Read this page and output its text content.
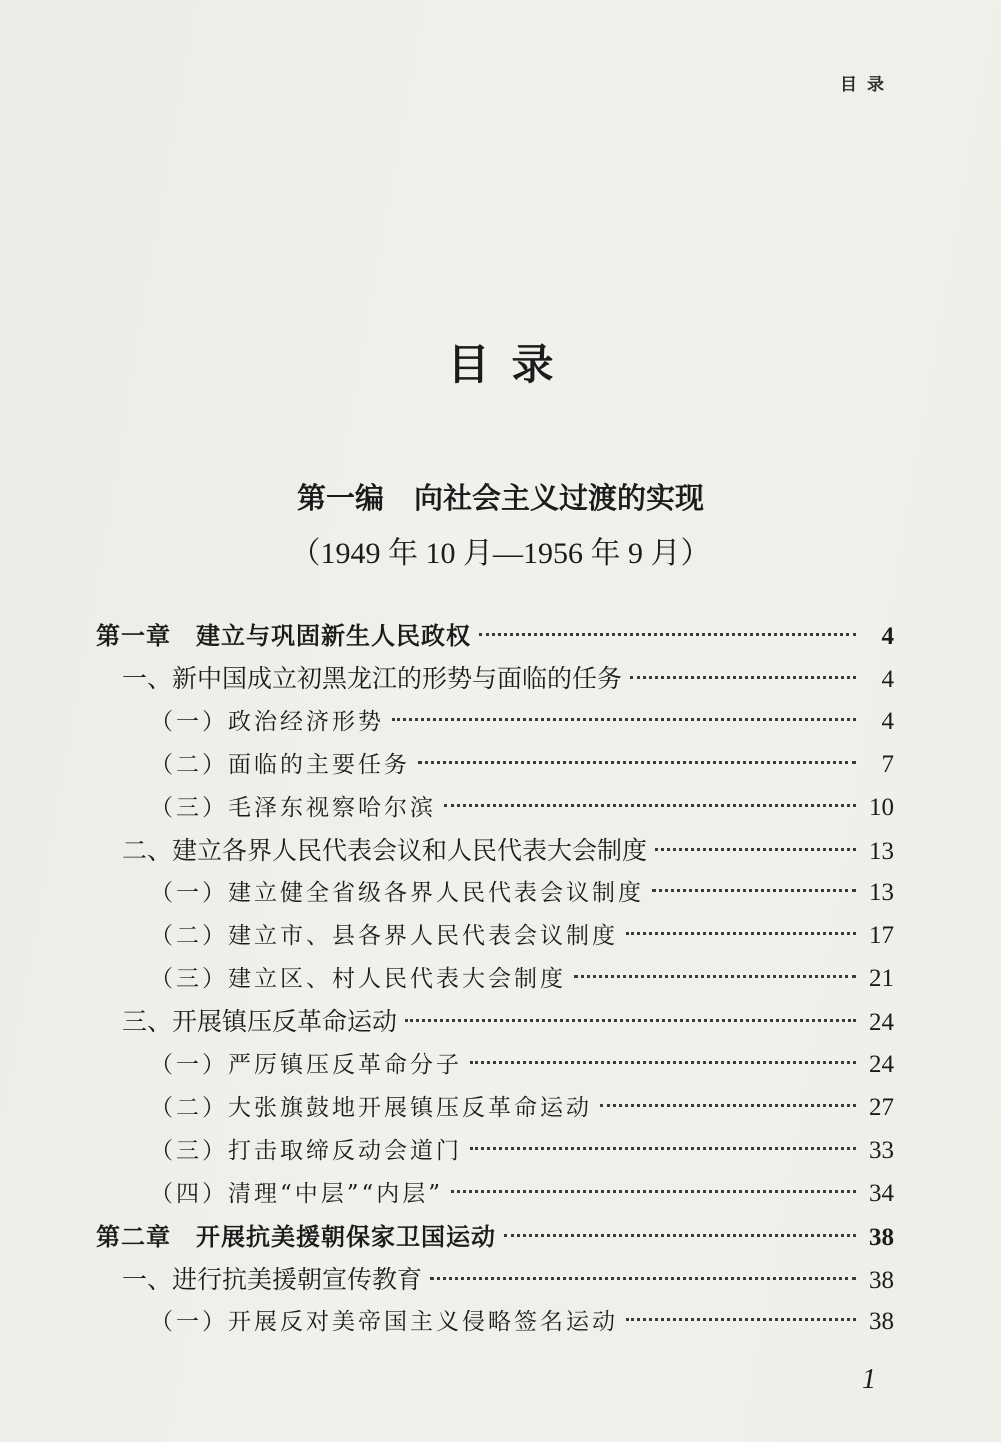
目录
目录
第一编 向社会主义过渡的实现
（1949 年 10 月—1956 年 9 月）
第一章　建立与巩固新生人民政权	4
一、新中国成立初黑龙江的形势与面临的任务	4
（一）政治经济形势	4
（二）面临的主要任务	7
（三）毛泽东视察哈尔滨	10
二、建立各界人民代表会议和人民代表大会制度	13
（一）建立健全省级各界人民代表会议制度	13
（二）建立市、县各界人民代表会议制度	17
（三）建立区、村人民代表大会制度	21
三、开展镇压反革命运动	24
（一）严厉镇压反革命分子	24
（二）大张旗鼓地开展镇压反革命运动	27
（三）打击取缔反动会道门	33
（四）清理“中层”“内层”	34
第二章　开展抗美援朝保家卫国运动	38
一、进行抗美援朝宣传教育	38
（一）开展反对美帝国主义侵略签名运动	38
1
